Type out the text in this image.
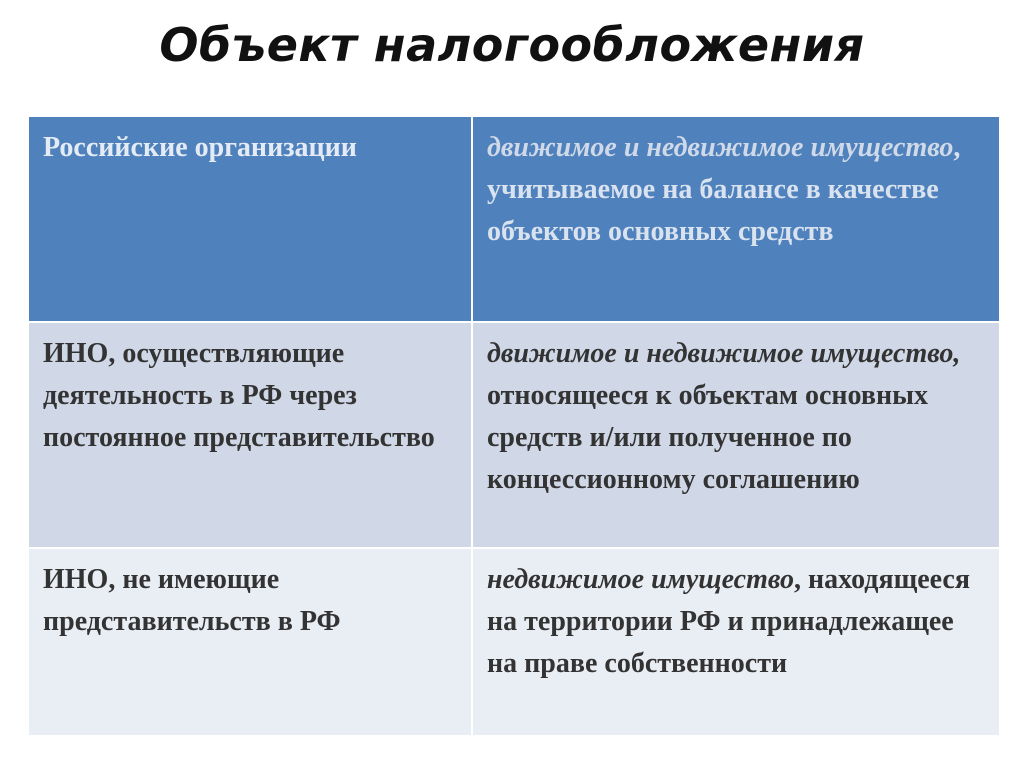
Объект налогообложения
Российские организации	движимое и недвижимое имущество, учитываемое на балансе в качестве объектов основных средств
ИНО, осуществляющие деятельность в РФ через постоянное представительство	движимое и недвижимое имущество, относящееся к объектам основных средств и/или полученное по концессионному соглашению
ИНО, не имеющие представительств в РФ	недвижимое имущество, находящееся на территории РФ и принадлежащее на праве собственности
